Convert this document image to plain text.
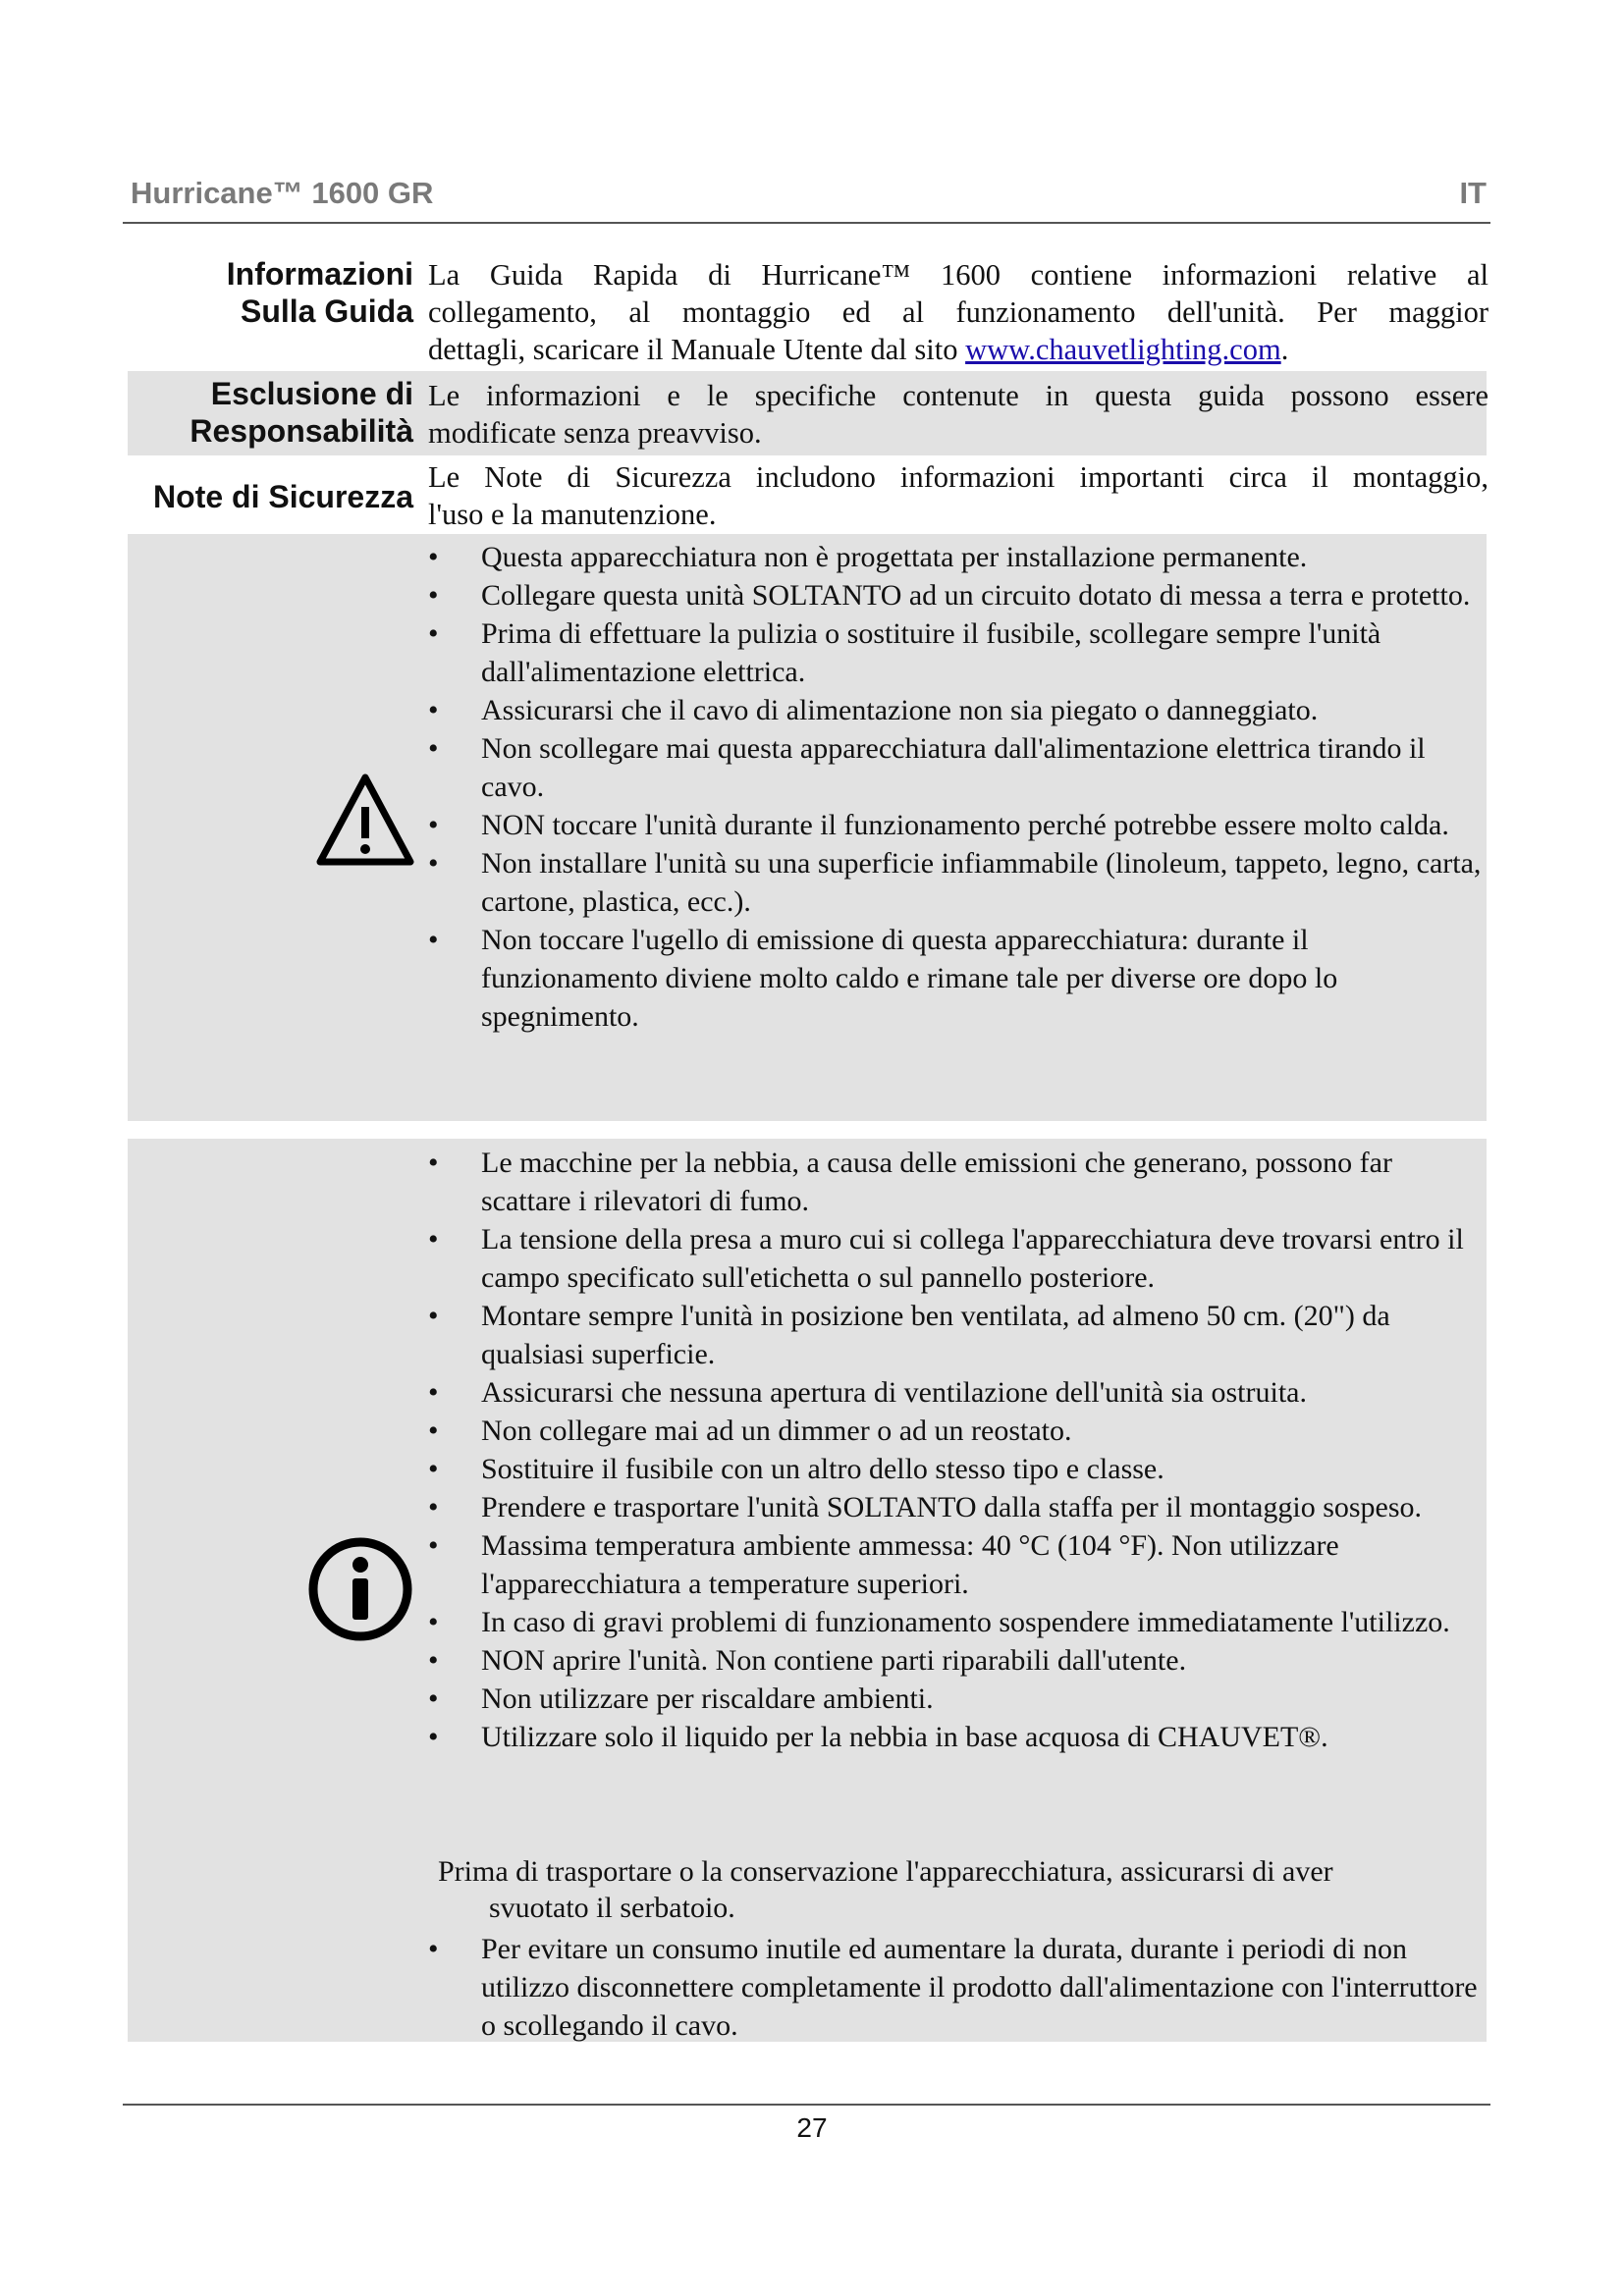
Hurricane™ 1600 GR	IT
Informazioni
Sulla Guida
La Guida Rapida di Hurricane™ 1600 contiene informazioni relative al
collegamento, al montaggio ed al funzionamento dell'unità. Per maggior
dettagli, scaricare il Manuale Utente dal sito www.chauvetlighting.com.
Esclusione di
Responsabilità
Le informazioni e le specifiche contenute in questa guida possono essere
modificate senza preavviso.
Note di Sicurezza
Le Note di Sicurezza includono informazioni importanti circa il montaggio,
l'uso e la manutenzione.
• Questa apparecchiatura non è progettata per installazione permanente.
• Collegare questa unità SOLTANTO ad un circuito dotato di messa a terra e protetto.
• Prima di effettuare la pulizia o sostituire il fusibile, scollegare sempre l'unità dall'alimentazione elettrica.
• Assicurarsi che il cavo di alimentazione non sia piegato o danneggiato.
• Non scollegare mai questa apparecchiatura dall'alimentazione elettrica tirando il cavo.
• NON toccare l'unità durante il funzionamento perché potrebbe essere molto calda.
• Non installare l'unità su una superficie infiammabile (linoleum, tappeto, legno, carta, cartone, plastica, ecc.).
• Non toccare l'ugello di emissione di questa apparecchiatura: durante il funzionamento diviene molto caldo e rimane tale per diverse ore dopo lo spegnimento.
• Le macchine per la nebbia, a causa delle emissioni che generano, possono far scattare i rilevatori di fumo.
• La tensione della presa a muro cui si collega l'apparecchiatura deve trovarsi entro il campo specificato sull'etichetta o sul pannello posteriore.
• Montare sempre l'unità in posizione ben ventilata, ad almeno 50 cm. (20") da qualsiasi superficie.
• Assicurarsi che nessuna apertura di ventilazione dell'unità sia ostruita.
• Non collegare mai ad un dimmer o ad un reostato.
• Sostituire il fusibile con un altro dello stesso tipo e classe.
• Prendere e trasportare l'unità SOLTANTO dalla staffa per il montaggio sospeso.
• Massima temperatura ambiente ammessa: 40 °C (104 °F). Non utilizzare l'apparecchiatura a temperature superiori.
• In caso di gravi problemi di funzionamento sospendere immediatamente l'utilizzo.
• NON aprire l'unità. Non contiene parti riparabili dall'utente.
• Non utilizzare per riscaldare ambienti.
• Utilizzare solo il liquido per la nebbia in base acquosa di CHAUVET®.
Prima di trasportare o la conservazione l'apparecchiatura, assicurarsi di aver
svuotato il serbatoio.
• Per evitare un consumo inutile ed aumentare la durata, durante i periodi di non utilizzo disconnettere completamente il prodotto dall'alimentazione con l'interruttore o scollegando il cavo.
27
